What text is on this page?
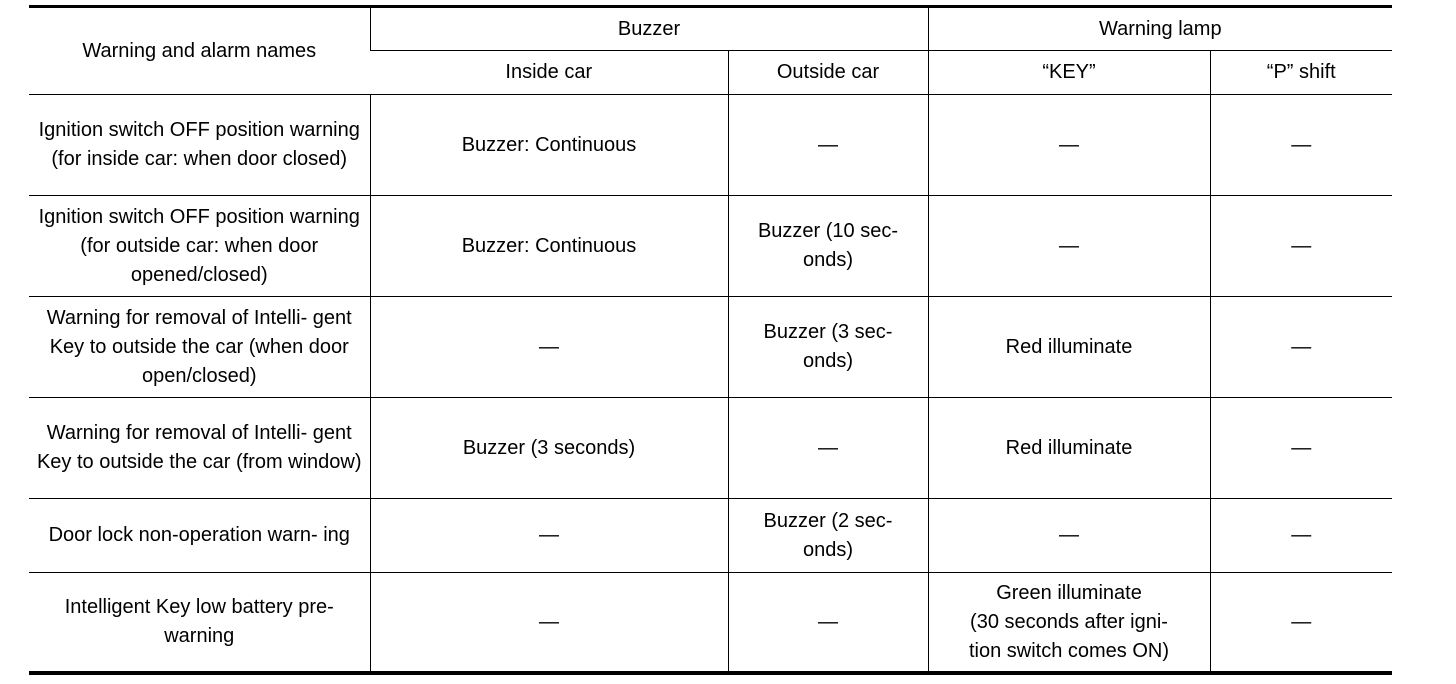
Warning and alarm names	Buzzer		Warning lamp	
	Inside car	Outside car	“KEY”	“P” shift
Ignition switch OFF position warning (for inside car: when door closed)	Buzzer: Continuous	—	—	—
Ignition switch OFF position warning (for outside car: when door opened/closed)	Buzzer: Continuous	Buzzer (10 sec-
onds)	—	—
Warning for removal of Intelli- gent Key to outside the car (when door open/closed)	—	Buzzer (3 sec-
onds)	Red illuminate	—
Warning for removal of Intelli- gent Key to outside the car (from window)	Buzzer (3 seconds)	—	Red illuminate	—
Door lock non-operation warn- ing	—	Buzzer (2 sec-
onds)	—	—
Intelligent Key low battery pre- warning	—	—	Green illuminate
(30 seconds after igni-
tion switch comes ON)	—
